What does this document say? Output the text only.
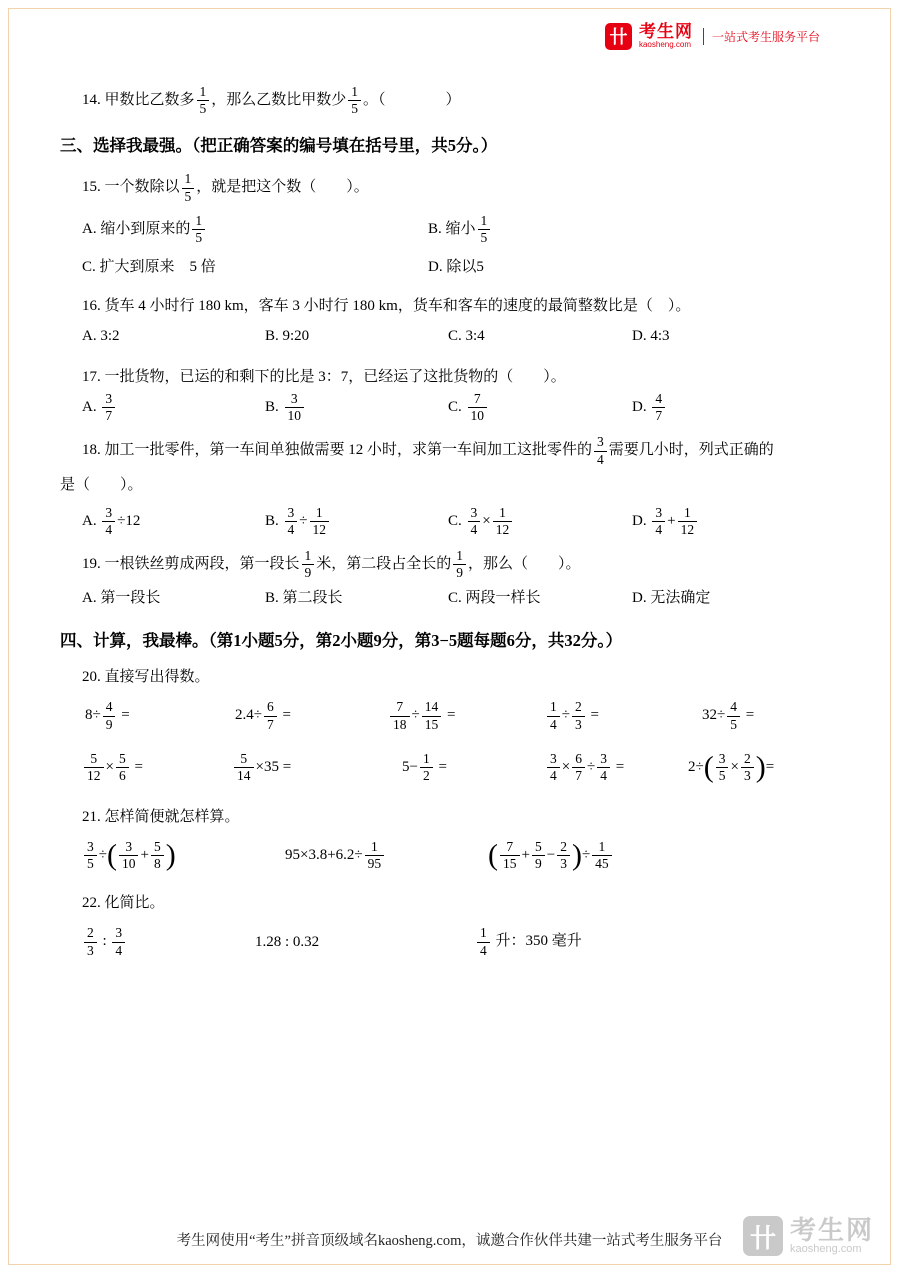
卄 考生网
kaosheng.com
一站式考生服务平台

14. 甲数比乙数多 $\frac{1}{5}$ ，那么乙数比甲数少 $\frac{1}{5}$ 。（　　　　）

三、选择我最强。（把正确答案的编号填在括号里，共5分。）

15. 一个数除以 $\frac{1}{5}$ ，就是把这个数（　　）。

A. 缩小到原来的 $\frac{1}{5}$	B. 缩小 $\frac{1}{5}$
C. 扩大到原来　5 倍	D. 除以5

16. 货车 4 小时行 180 km，客车 3 小时行 180 km，货车和客车的速度的最简整数比是（　）。

A. 3:2	B. 9:20	C. 3:4	D. 4:3

17. 一批货物，已运的和剩下的比是 3：7，已经运了这批货物的（　　）。

A. $\frac{3}{7}$	B. $\frac{3}{10}$	C. $\frac{7}{10}$	D. $\frac{4}{7}$

18. 加工一批零件，第一车间单独做需要 12 小时，求第一车间加工这批零件的 $\frac{3}{4}$ 需要几小时，列式正确的

是（　　）。

A. $\frac{3}{4} \div 12$	B. $\frac{3}{4} \div \frac{1}{12}$	C. $\frac{3}{4} \times \frac{1}{12}$	D. $\frac{3}{4} + \frac{1}{12}$

19. 一根铁丝剪成两段，第一段长 $\frac{1}{9}$ 米，第二段占全长的 $\frac{1}{9}$ ，那么（　　）。

A. 第一段长	B. 第二段长	C. 两段一样长	D. 无法确定
四、计算，我最棒。（第1小题5分，第2小题9分，第3−5题每题6分，共32分。）

20. 直接写出得数。

$8\div \frac{4}{9}$ =	$2.4\div \frac{6}{7}$ =	$\frac{7}{18} \div \frac{14}{15}$ =	$\frac{1}{4} \div \frac{2}{3}$ =	$32\div \frac{4}{5}$ =
$\frac{5}{12} \times \frac{5}{6}$ =	$\frac{5}{14} \times 35$ =	$5- \frac{1}{2}$ =	$\frac{3}{4} \times \frac{6}{7} \div \frac{3}{4}$ =	$2\div( \frac{3}{5} \times \frac{2}{3}$ )=

21. 怎样简便就怎样算。

$\frac{3}{5}$ ÷( $\frac{3}{10} + \frac{5}{8}$ )	$95\times 3.8+6.2\div \frac{1}{95}$	( $\frac{7}{15} + \frac{5}{9} - \frac{2}{3}$ )÷ $\frac{1}{45}$

22. 化简比。

$\frac{2}{3}$ : $\frac{3}{4}$	1.28 : 0.32	$\frac{1}{4}$ 升：350 毫升

考生网使用“考生”拼音顶级域名kaosheng.com，诚邀合作伙伴共建一站式考生服务平台	卄 考生网
kaosheng.com
